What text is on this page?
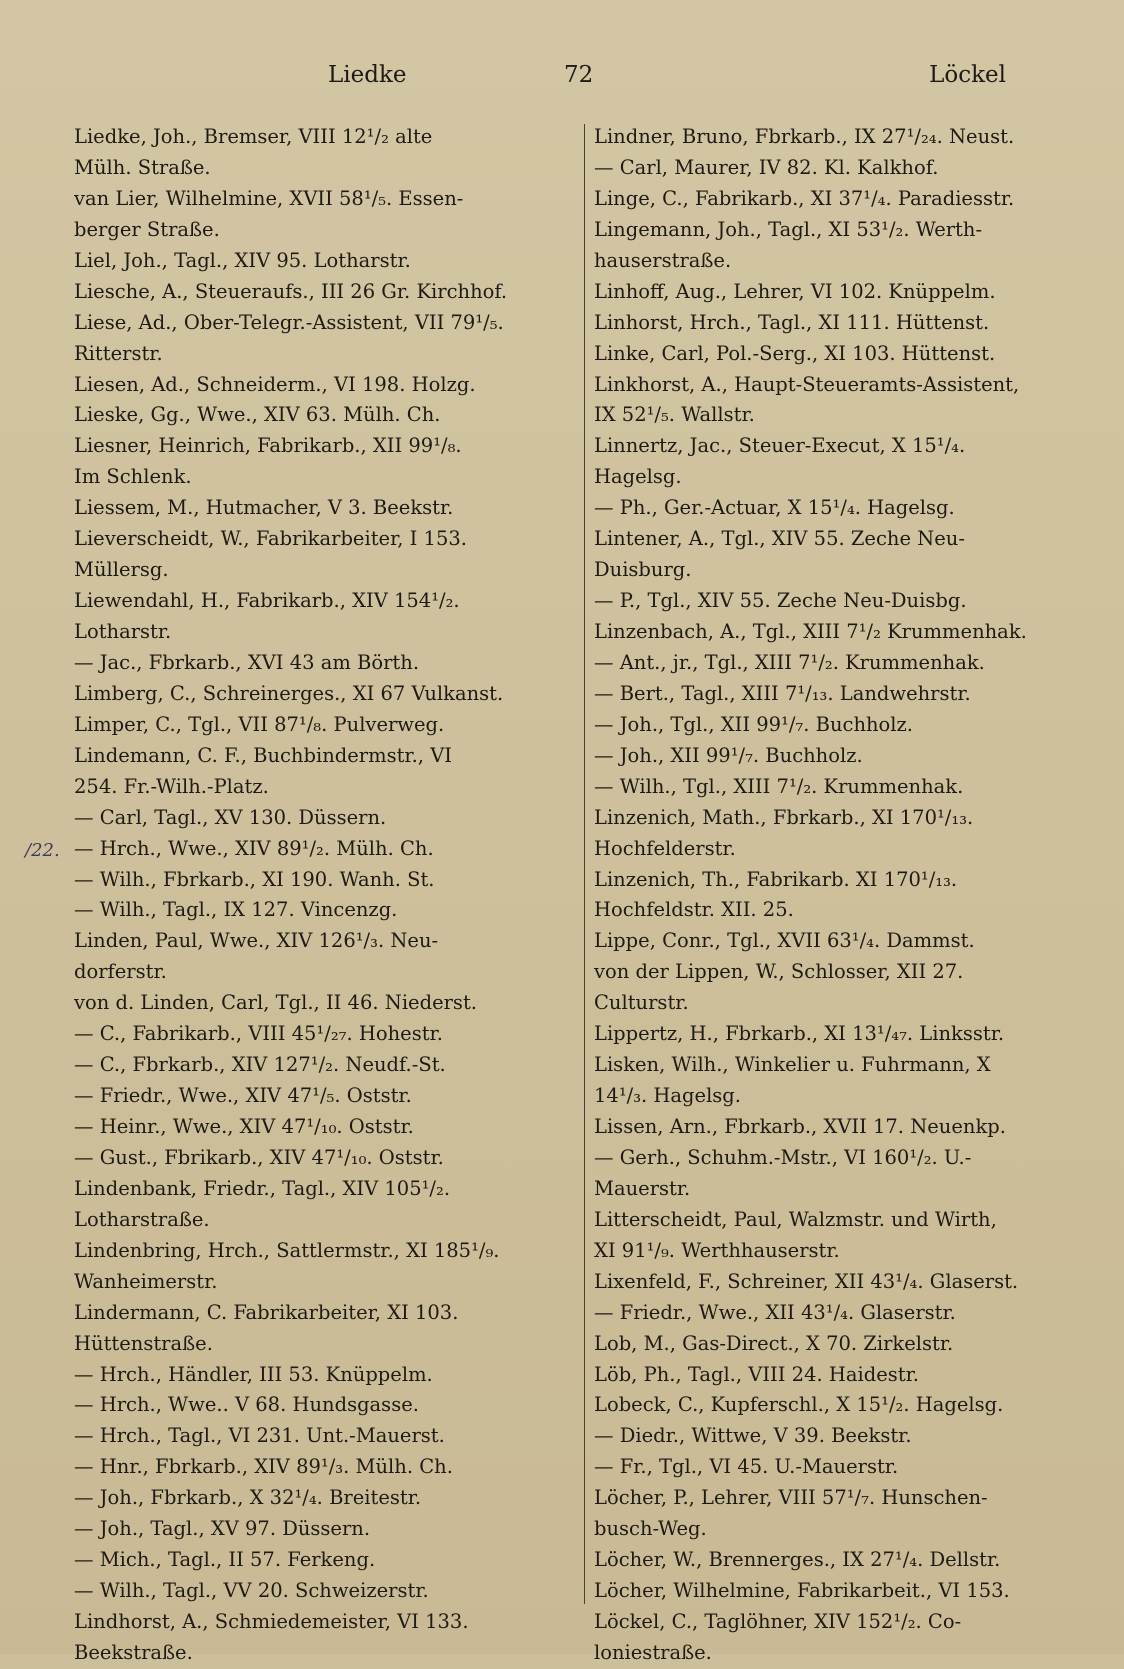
Liedke	72	Löckel
/22.
Liedke, Joh., Bremser, VIII 12¹/₂ alte
Mülh. Straße.
van Lier, Wilhelmine, XVII 58¹/₅. Essen-
berger Straße.
Liel, Joh., Tagl., XIV 95. Lotharstr.
Liesche, A., Steueraufs., III 26 Gr. Kirchhof.
Liese, Ad., Ober-Telegr.-Assistent, VII 79¹/₅.
Ritterstr.
Liesen, Ad., Schneiderm., VI 198. Holzg.
Lieske, Gg., Wwe., XIV 63. Mülh. Ch.
Liesner, Heinrich, Fabrikarb., XII 99¹/₈.
Im Schlenk.
Liessem, M., Hutmacher, V 3. Beekstr.
Lieverscheidt, W., Fabrikarbeiter, I 153.
Müllersg.
Liewendahl, H., Fabrikarb., XIV 154¹/₂.
Lotharstr.
— Jac., Fbrkarb., XVI 43 am Börth.
Limberg, C., Schreinerges., XI 67 Vulkanst.
Limper, C., Tgl., VII 87¹/₈. Pulverweg.
Lindemann, C. F., Buchbindermstr., VI
254. Fr.-Wilh.-Platz.
— Carl, Tagl., XV 130. Düssern.
— Hrch., Wwe., XIV 89¹/₂. Mülh. Ch.
— Wilh., Fbrkarb., XI 190. Wanh. St.
— Wilh., Tagl., IX 127. Vincenzg.
Linden, Paul, Wwe., XIV 126¹/₃. Neu-
dorferstr.
von d. Linden, Carl, Tgl., II 46. Niederst.
— C., Fabrikarb., VIII 45¹/₂₇. Hohestr.
— C., Fbrkarb., XIV 127¹/₂. Neudf.-St.
— Friedr., Wwe., XIV 47¹/₅. Oststr.
— Heinr., Wwe., XIV 47¹/₁₀. Oststr.
— Gust., Fbrikarb., XIV 47¹/₁₀. Oststr.
Lindenbank, Friedr., Tagl., XIV 105¹/₂.
Lotharstraße.
Lindenbring, Hrch., Sattlermstr., XI 185¹/₉.
Wanheimerstr.
Lindermann, C. Fabrikarbeiter, XI 103.
Hüttenstraße.
— Hrch., Händler, III 53. Knüppelm.
— Hrch., Wwe.. V 68. Hundsgasse.
— Hrch., Tagl., VI 231. Unt.-Mauerst.
— Hnr., Fbrkarb., XIV 89¹/₃. Mülh. Ch.
— Joh., Fbrkarb., X 32¹/₄. Breitestr.
— Joh., Tagl., XV 97. Düssern.
— Mich., Tagl., II 57. Ferkeng.
— Wilh., Tagl., VV 20. Schweizerstr.
Lindhorst, A., Schmiedemeister, VI 133.
Beekstraße.
Lindner, Bruno, Fbrkarb., IX 27¹/₂₄. Neust.
— Carl, Maurer, IV 82. Kl. Kalkhof.
Linge, C., Fabrikarb., XI 37¹/₄. Paradiesstr.
Lingemann, Joh., Tagl., XI 53¹/₂. Werth-
hauserstraße.
Linhoff, Aug., Lehrer, VI 102. Knüppelm.
Linhorst, Hrch., Tagl., XI 111. Hüttenst.
Linke, Carl, Pol.-Serg., XI 103. Hüttenst.
Linkhorst, A., Haupt-Steueramts-Assistent,
IX 52¹/₅. Wallstr.
Linnertz, Jac., Steuer-Execut, X 15¹/₄.
Hagelsg.
— Ph., Ger.-Actuar, X 15¹/₄. Hagelsg.
Lintener, A., Tgl., XIV 55. Zeche Neu-
Duisburg.
— P., Tgl., XIV 55. Zeche Neu-Duisbg.
Linzenbach, A., Tgl., XIII 7¹/₂ Krummenhak.
— Ant., jr., Tgl., XIII 7¹/₂. Krummenhak.
— Bert., Tagl., XIII 7¹/₁₃. Landwehrstr.
— Joh., Tgl., XII 99¹/₇. Buchholz.
— Joh., XII 99¹/₇. Buchholz.
— Wilh., Tgl., XIII 7¹/₂. Krummenhak.
Linzenich, Math., Fbrkarb., XI 170¹/₁₃.
Hochfelderstr.
Linzenich, Th., Fabrikarb. XI 170¹/₁₃.
Hochfeldstr. XII. 25.
Lippe, Conr., Tgl., XVII 63¹/₄. Dammst.
von der Lippen, W., Schlosser, XII 27.
Culturstr.
Lippertz, H., Fbrkarb., XI 13¹/₄₇. Linksstr.
Lisken, Wilh., Winkelier u. Fuhrmann, X
14¹/₃. Hagelsg.
Lissen, Arn., Fbrkarb., XVII 17. Neuenkp.
— Gerh., Schuhm.-Mstr., VI 160¹/₂. U.-
Mauerstr.
Litterscheidt, Paul, Walzmstr. und Wirth,
XI 91¹/₉. Werthhauserstr.
Lixenfeld, F., Schreiner, XII 43¹/₄. Glaserst.
— Friedr., Wwe., XII 43¹/₄. Glaserstr.
Lob, M., Gas-Direct., X 70. Zirkelstr.
Löb, Ph., Tagl., VIII 24. Haidestr.
Lobeck, C., Kupferschl., X 15¹/₂. Hagelsg.
— Diedr., Wittwe, V 39. Beekstr.
— Fr., Tgl., VI 45. U.-Mauerstr.
Löcher, P., Lehrer, VIII 57¹/₇. Hunschen-
busch-Weg.
Löcher, W., Brennerges., IX 27¹/₄. Dellstr.
Löcher, Wilhelmine, Fabrikarbeit., VI 153.
Löckel, C., Taglöhner, XIV 152¹/₂. Co-
loniestraße.
